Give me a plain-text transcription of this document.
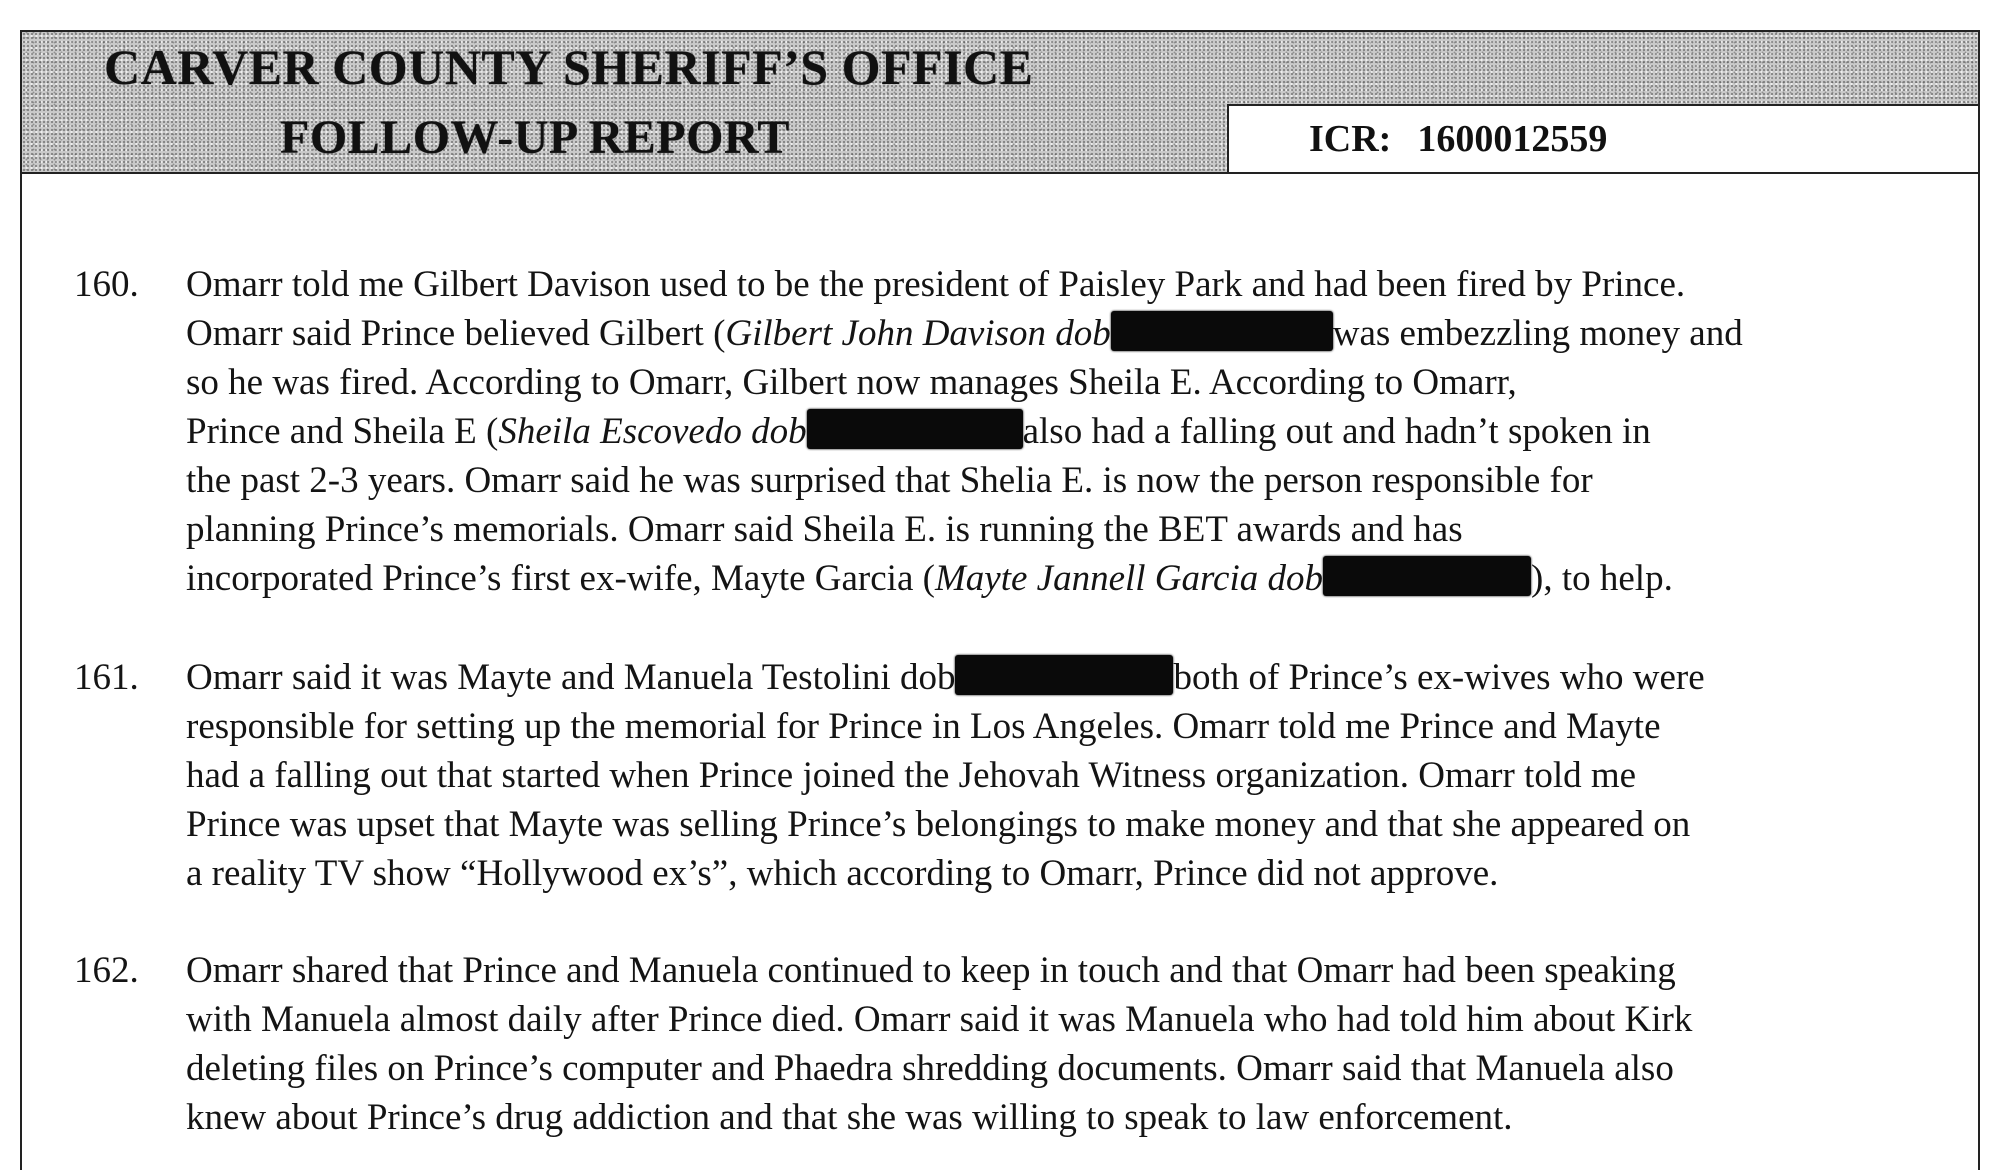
CARVER COUNTY SHERIFF’S OFFICE
FOLLOW-UP REPORT	ICR: 1600012559
160. Omarr told me Gilbert Davison used to be the president of Paisley Park and had been fired by Prince.
Omarr said Prince believed Gilbert (Gilbert John Davison dob	was embezzling money and
so he was fired. According to Omarr, Gilbert now manages Sheila E. According to Omarr,
Prince and Sheila E (Sheila Escovedo dob	also had a falling out and hadn’t spoken in
the past 2-3 years. Omarr said he was surprised that Shelia E. is now the person responsible for
planning Prince’s memorials. Omarr said Sheila E. is running the BET awards and has
incorporated Prince’s first ex-wife, Mayte Garcia (Mayte Jannell Garcia dob	), to help.
161. Omarr said it was Mayte and Manuela Testolini dob	both of Prince’s ex-wives who were
responsible for setting up the memorial for Prince in Los Angeles. Omarr told me Prince and Mayte
had a falling out that started when Prince joined the Jehovah Witness organization. Omarr told me
Prince was upset that Mayte was selling Prince’s belongings to make money and that she appeared on
a reality TV show “Hollywood ex’s”, which according to Omarr, Prince did not approve.
162. Omarr shared that Prince and Manuela continued to keep in touch and that Omarr had been speaking
with Manuela almost daily after Prince died. Omarr said it was Manuela who had told him about Kirk
deleting files on Prince’s computer and Phaedra shredding documents. Omarr said that Manuela also
knew about Prince’s drug addiction and that she was willing to speak to law enforcement.
